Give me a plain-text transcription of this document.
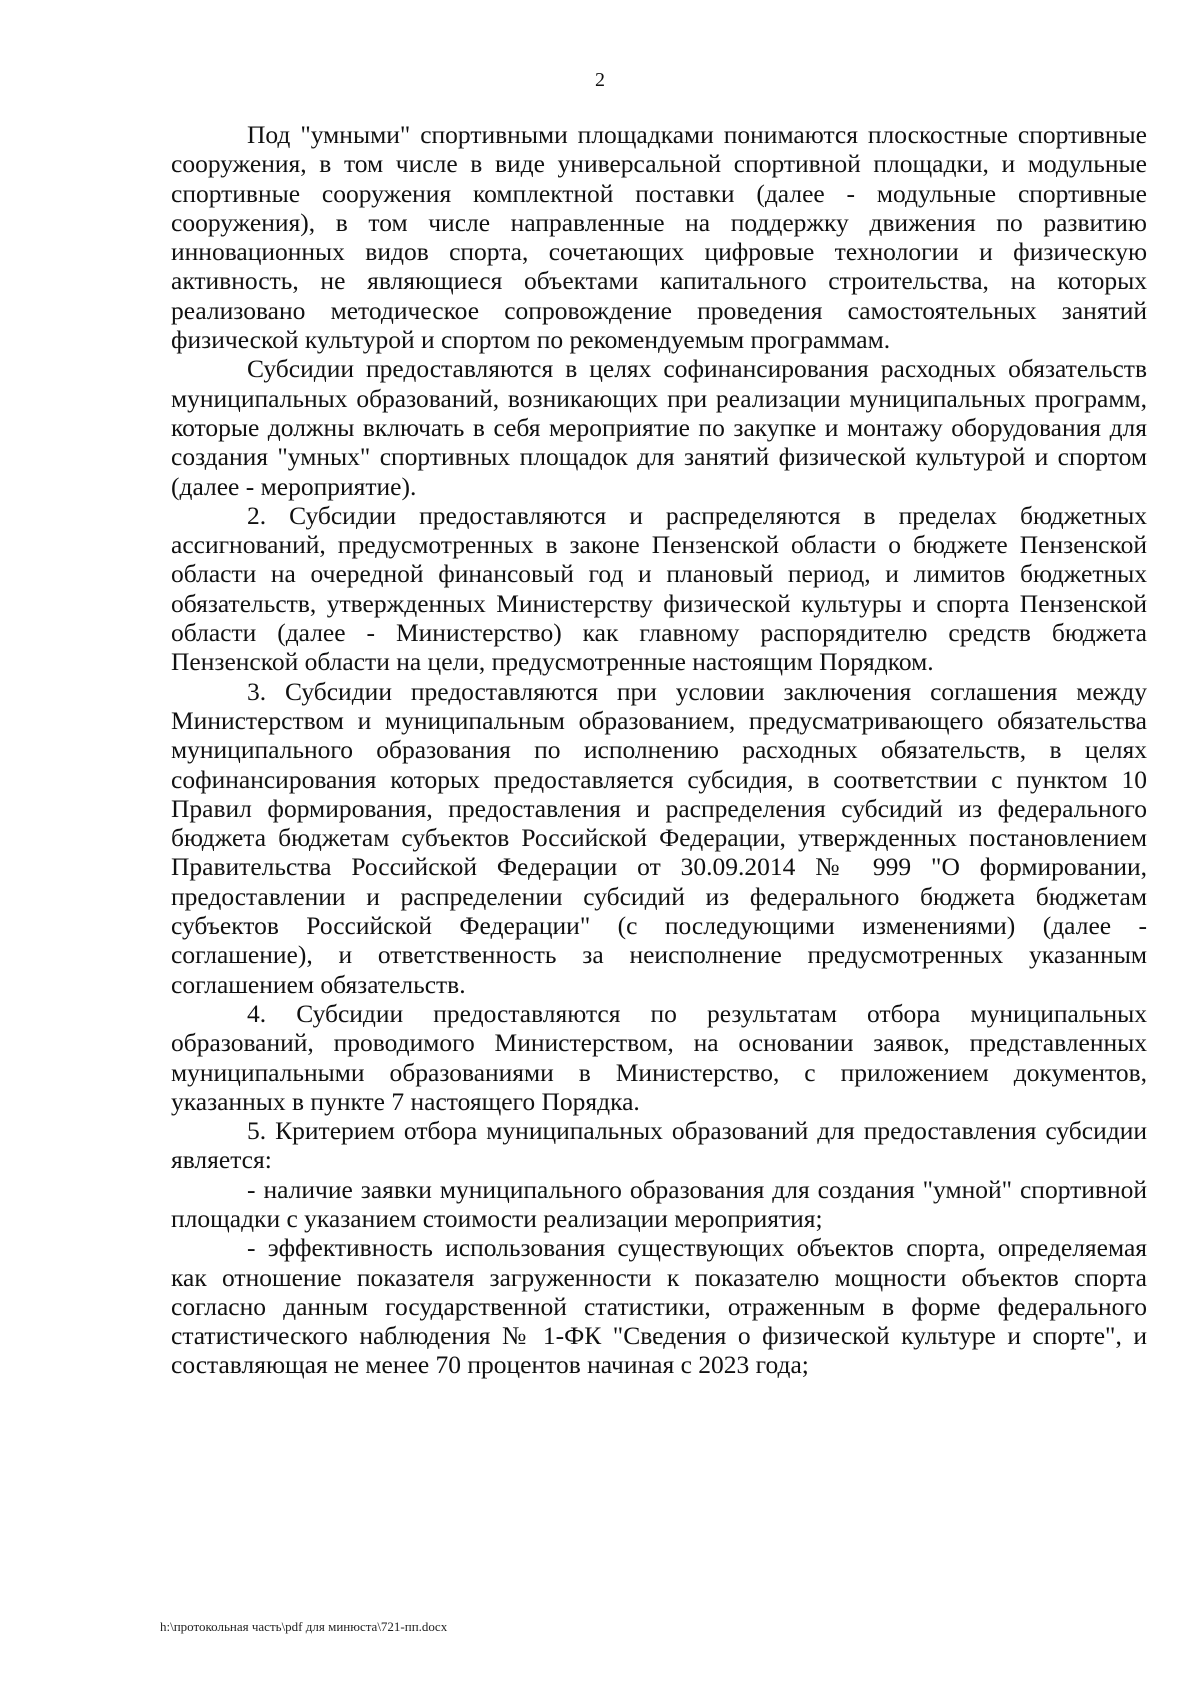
2

Под "умными" спортивными площадками понимаются плоскостные спортивные сооружения, в том числе в виде универсальной спортивной площадки, и модульные спортивные сооружения комплектной поставки (далее - модульные спортивные сооружения), в том числе направленные на поддержку движения по развитию инновационных видов спорта, сочетающих цифровые технологии и физическую активность, не являющиеся объектами капитального строительства, на которых реализовано методическое сопровождение проведения самостоятельных занятий физической культурой и спортом по рекомендуемым программам.

Субсидии предоставляются в целях софинансирования расходных обязательств муниципальных образований, возникающих при реализации муниципальных программ, которые должны включать в себя мероприятие по закупке и монтажу оборудования для создания "умных" спортивных площадок для занятий физической культурой и спортом (далее - мероприятие).

2. Субсидии предоставляются и распределяются в пределах бюджетных ассигнований, предусмотренных в законе Пензенской области о бюджете Пензенской области на очередной финансовый год и плановый период, и лимитов бюджетных обязательств, утвержденных Министерству физической культуры и спорта Пензенской области (далее - Министерство) как главному распорядителю средств бюджета Пензенской области на цели, предусмотренные настоящим Порядком.

3. Субсидии предоставляются при условии заключения соглашения между Министерством и муниципальным образованием, предусматривающего обязательства муниципального образования по исполнению расходных обязательств, в целях софинансирования которых предоставляется субсидия, в соответствии с пунктом 10 Правил формирования, предоставления и распределения субсидий из федерального бюджета бюджетам субъектов Российской Федерации, утвержденных постановлением Правительства Российской Федерации от 30.09.2014 № 999 "О формировании, предоставлении и распределении субсидий из федерального бюджета бюджетам субъектов Российской Федерации" (с последующими изменениями) (далее - соглашение), и ответственность за неисполнение предусмотренных указанным соглашением обязательств.

4. Субсидии предоставляются по результатам отбора муниципальных образований, проводимого Министерством, на основании заявок, представленных муниципальными образованиями в Министерство, с приложением документов, указанных в пункте 7 настоящего Порядка.

5. Критерием отбора муниципальных образований для предоставления субсидии является:

- наличие заявки муниципального образования для создания "умной" спортивной площадки с указанием стоимости реализации мероприятия;

- эффективность использования существующих объектов спорта, определяемая как отношение показателя загруженности к показателю мощности объектов спорта согласно данным государственной статистики, отраженным в форме федерального статистического наблюдения № 1-ФК "Сведения о физической культуре и спорте", и составляющая не менее 70 процентов начиная с 2023 года;

h:\протокольная часть\pdf для минюста\721-пп.docx
